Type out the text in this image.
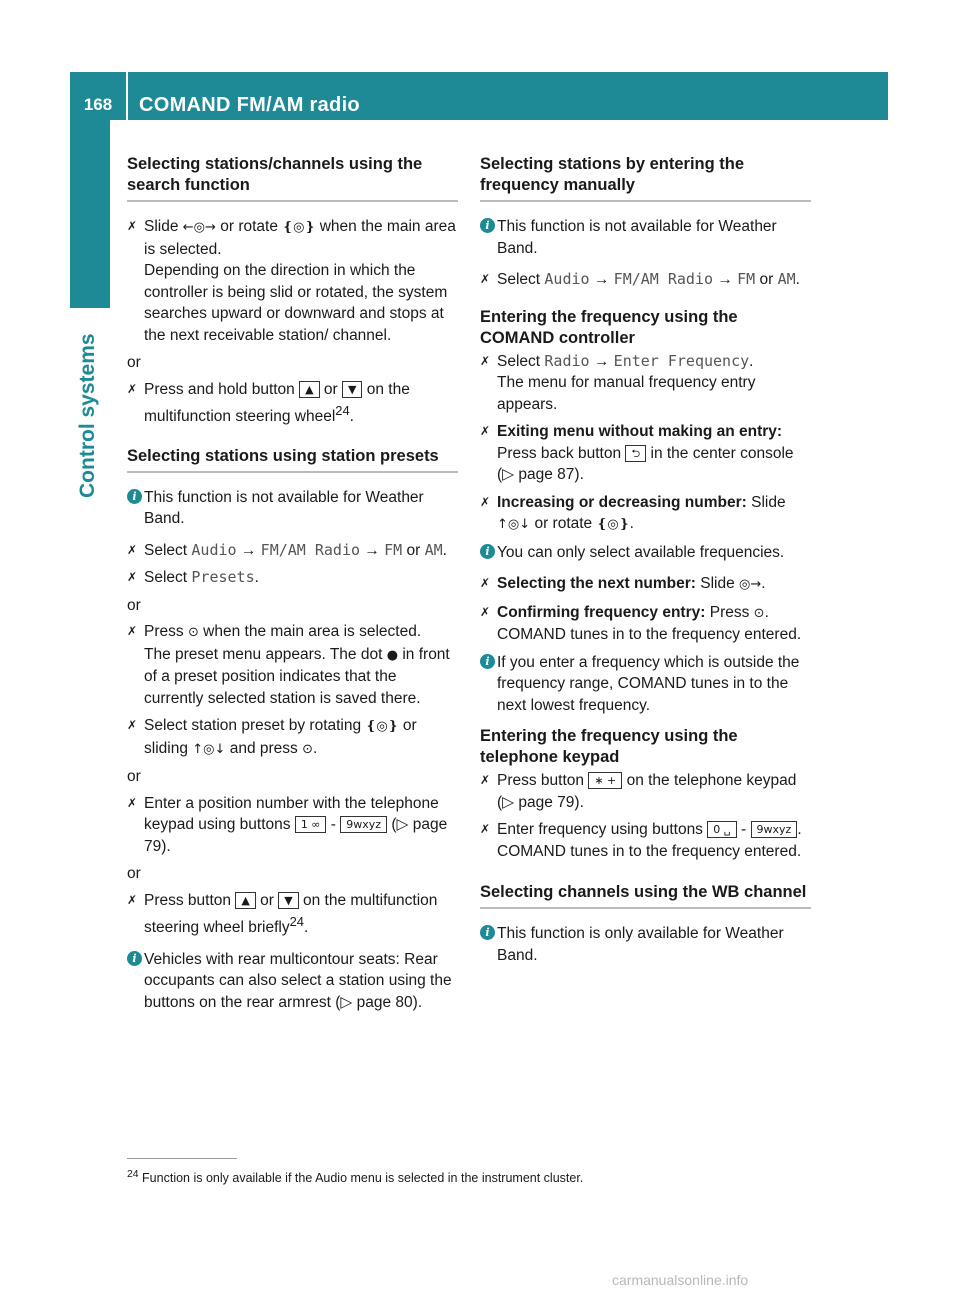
168	COMAND FM/AM radio
Control systems
Selecting stations/channels using the search function
✗ Slide ←◎→ or rotate ❴◎❵ when the main area is selected.
Depending on the direction in which the controller is being slid or rotated, the system searches upward or downward and stops at the next receivable station/ channel.
or
✗ Press and hold button ▲ or ▼ on the multifunction steering wheel$^{24}$.
Selecting stations using station presets
i This function is not available for Weather Band.
✗ Select Audio → FM/AM Radio → FM or AM.
✗ Select Presets.
or
✗ Press ⊙ when the main area is selected.
The preset menu appears. The dot ● in front of a preset position indicates that the currently selected station is saved there.
✗ Select station preset by rotating ❴◎❵ or sliding ↑◎↓ and press ⊙.
or
✗ Enter a position number with the telephone keypad using buttons 1 ∞ - 9wxyz (▷ page 79).
or
✗ Press button ▲ or ▼ on the multifunction steering wheel briefly$^{24}$.
i Vehicles with rear multicontour seats: Rear occupants can also select a station using the buttons on the rear armrest (▷ page 80).
Selecting stations by entering the frequency manually
i This function is not available for Weather Band.
✗ Select Audio → FM/AM Radio → FM or AM.
Entering the frequency using the COMAND controller
✗ Select Radio → Enter Frequency.
The menu for manual frequency entry appears.
✗ Exiting menu without making an entry: Press back button ⮌ in the center console (▷ page 87).
✗ Increasing or decreasing number: Slide ↑◎↓ or rotate ❴◎❵.
i You can only select available frequencies.
✗ Selecting the next number: Slide ◎→.
✗ Confirming frequency entry: Press ⊙.
COMAND tunes in to the frequency entered.
i If you enter a frequency which is outside the frequency range, COMAND tunes in to the next lowest frequency.
Entering the frequency using the telephone keypad
✗ Press button ∗ + on the telephone keypad (▷ page 79).
✗ Enter frequency using buttons 0 ␣ - 9wxyz .
COMAND tunes in to the frequency entered.
Selecting channels using the WB channel
i This function is only available for Weather Band.
$^{24}$ Function is only available if the Audio menu is selected in the instrument cluster.
carmanualsonline.info
